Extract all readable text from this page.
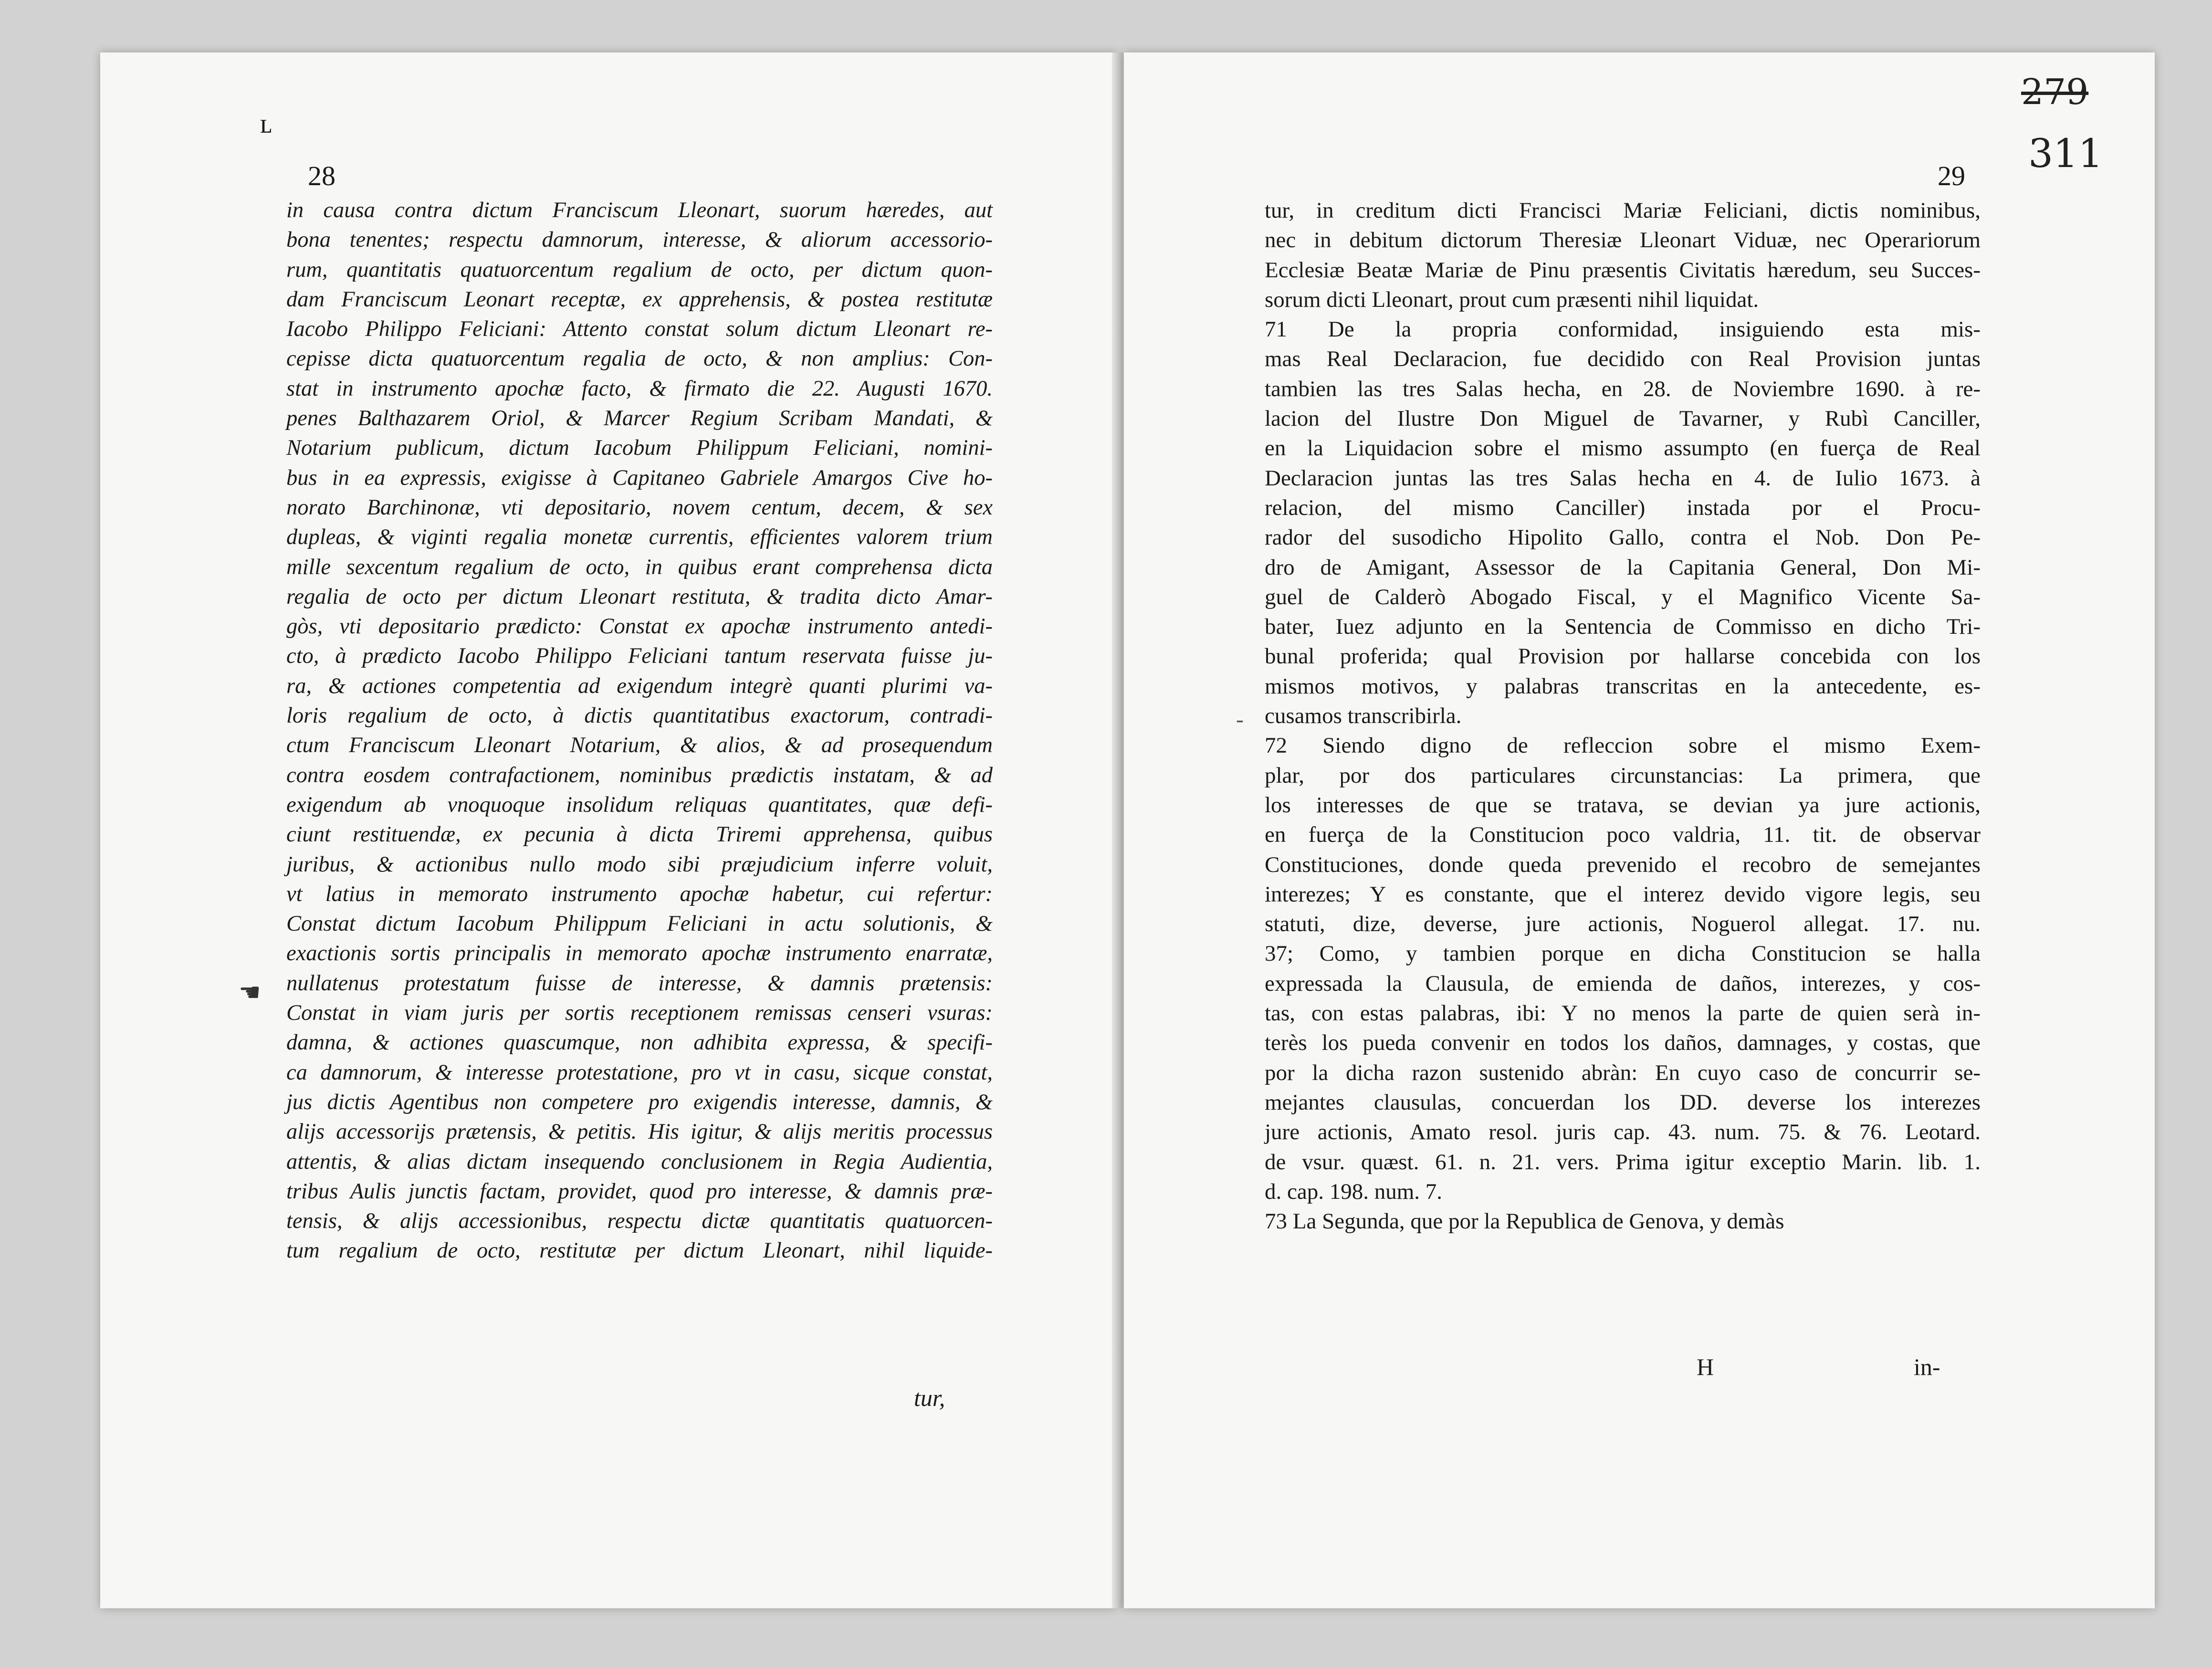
ʟ
28
☚
in causa contra dictum Franciscum Lleonart, suorum hæredes, aut
bona tenentes; respectu damnorum, interesse, & aliorum accessorio-
rum, quantitatis quatuorcentum regalium de octo, per dictum quon-
dam Franciscum Leonart receptæ, ex apprehensis, & postea restitutæ
Iacobo Philippo Feliciani: Attento constat solum dictum Lleonart re-
cepisse dicta quatuorcentum regalia de octo, & non amplius: Con-
stat in instrumento apochæ facto, & firmato die 22. Augusti 1670.
penes Balthazarem Oriol, & Marcer Regium Scribam Mandati, &
Notarium publicum, dictum Iacobum Philippum Feliciani, nomini-
bus in ea expressis, exigisse à Capitaneo Gabriele Amargos Cive ho-
norato Barchinonæ, vti depositario, novem centum, decem, & sex
dupleas, & viginti regalia monetæ currentis, efficientes valorem trium
mille sexcentum regalium de octo, in quibus erant comprehensa dicta
regalia de octo per dictum Lleonart restituta, & tradita dicto Amar-
gòs, vti depositario prædicto: Constat ex apochæ instrumento antedi-
cto, à prædicto Iacobo Philippo Feliciani tantum reservata fuisse ju-
ra, & actiones competentia ad exigendum integrè quanti plurimi va-
loris regalium de octo, à dictis quantitatibus exactorum, contradi-
ctum Franciscum Lleonart Notarium, & alios, & ad prosequendum
contra eosdem contrafactionem, nominibus prædictis instatam, & ad
exigendum ab vnoquoque insolidum reliquas quantitates, quæ defi-
ciunt restituendæ, ex pecunia à dicta Triremi apprehensa, quibus
juribus, & actionibus nullo modo sibi præjudicium inferre voluit,
vt latius in memorato instrumento apochæ habetur, cui refertur:
Constat dictum Iacobum Philippum Feliciani in actu solutionis, &
exactionis sortis principalis in memorato apochæ instrumento enarratæ,
nullatenus protestatum fuisse de interesse, & damnis prætensis:
Constat in viam juris per sortis receptionem remissas censeri vsuras:
damna, & actiones quascumque, non adhibita expressa, & specifi-
ca damnorum, & interesse protestatione, pro vt in casu, sicque constat,
jus dictis Agentibus non competere pro exigendis interesse, damnis, &
alijs accessorijs prætensis, & petitis. His igitur, & alijs meritis processus
attentis, & alias dictam insequendo conclusionem in Regia Audientia,
tribus Aulis junctis factam, providet, quod pro interesse, & damnis præ-
tensis, & alijs accessionibus, respectu dictæ quantitatis quatuorcen-
tum regalium de octo, restitutæ per dictum Lleonart, nihil liquide-
tur,
279
311
29
-
tur, in creditum dicti Francisci Mariæ Feliciani, dictis nominibus,
nec in debitum dictorum Theresiæ Lleonart Viduæ, nec Operariorum
Ecclesiæ Beatæ Mariæ de Pinu præsentis Civitatis hæredum, seu Succes-
sorum dicti Lleonart, prout cum præsenti nihil liquidat.
71 De la propria conformidad, insiguiendo esta mis-
mas Real Declaracion, fue decidido con Real Provision juntas
tambien las tres Salas hecha, en 28. de Noviembre 1690. à re-
lacion del Ilustre Don Miguel de Tavarner, y Rubì Canciller,
en la Liquidacion sobre el mismo assumpto (en fuerça de Real
Declaracion juntas las tres Salas hecha en 4. de Iulio 1673. à
relacion, del mismo Canciller) instada por el Procu-
rador del susodicho Hipolito Gallo, contra el Nob. Don Pe-
dro de Amigant, Assessor de la Capitania General, Don Mi-
guel de Calderò Abogado Fiscal, y el Magnifico Vicente Sa-
bater, Iuez adjunto en la Sentencia de Commisso en dicho Tri-
bunal proferida; qual Provision por hallarse concebida con los
mismos motivos, y palabras transcritas en la antecedente, es-
cusamos transcribirla.
72 Siendo digno de refleccion sobre el mismo Exem-
plar, por dos particulares circunstancias: La primera, que
los interesses de que se tratava, se devian ya jure actionis,
en fuerça de la Constitucion poco valdria, 11. tit. de observar
Constituciones, donde queda prevenido el recobro de semejantes
interezes; Y es constante, que el interez devido vigore legis, seu
statuti, dize, deverse, jure actionis, Noguerol allegat. 17. nu.
37; Como, y tambien porque en dicha Constitucion se halla
expressada la Clausula, de emienda de daños, interezes, y cos-
tas, con estas palabras, ibi: Y no menos la parte de quien serà in-
terès los pueda convenir en todos los daños, damnages, y costas, que
por la dicha razon sustenido abràn: En cuyo caso de concurrir se-
mejantes clausulas, concuerdan los DD. deverse los interezes
jure actionis, Amato resol. juris cap. 43. num. 75. & 76. Leotard.
de vsur. quæst. 61. n. 21. vers. Prima igitur exceptio Marin. lib. 1.
d. cap. 198. num. 7.
73 La Segunda, que por la Republica de Genova, y demàs
H	in-
